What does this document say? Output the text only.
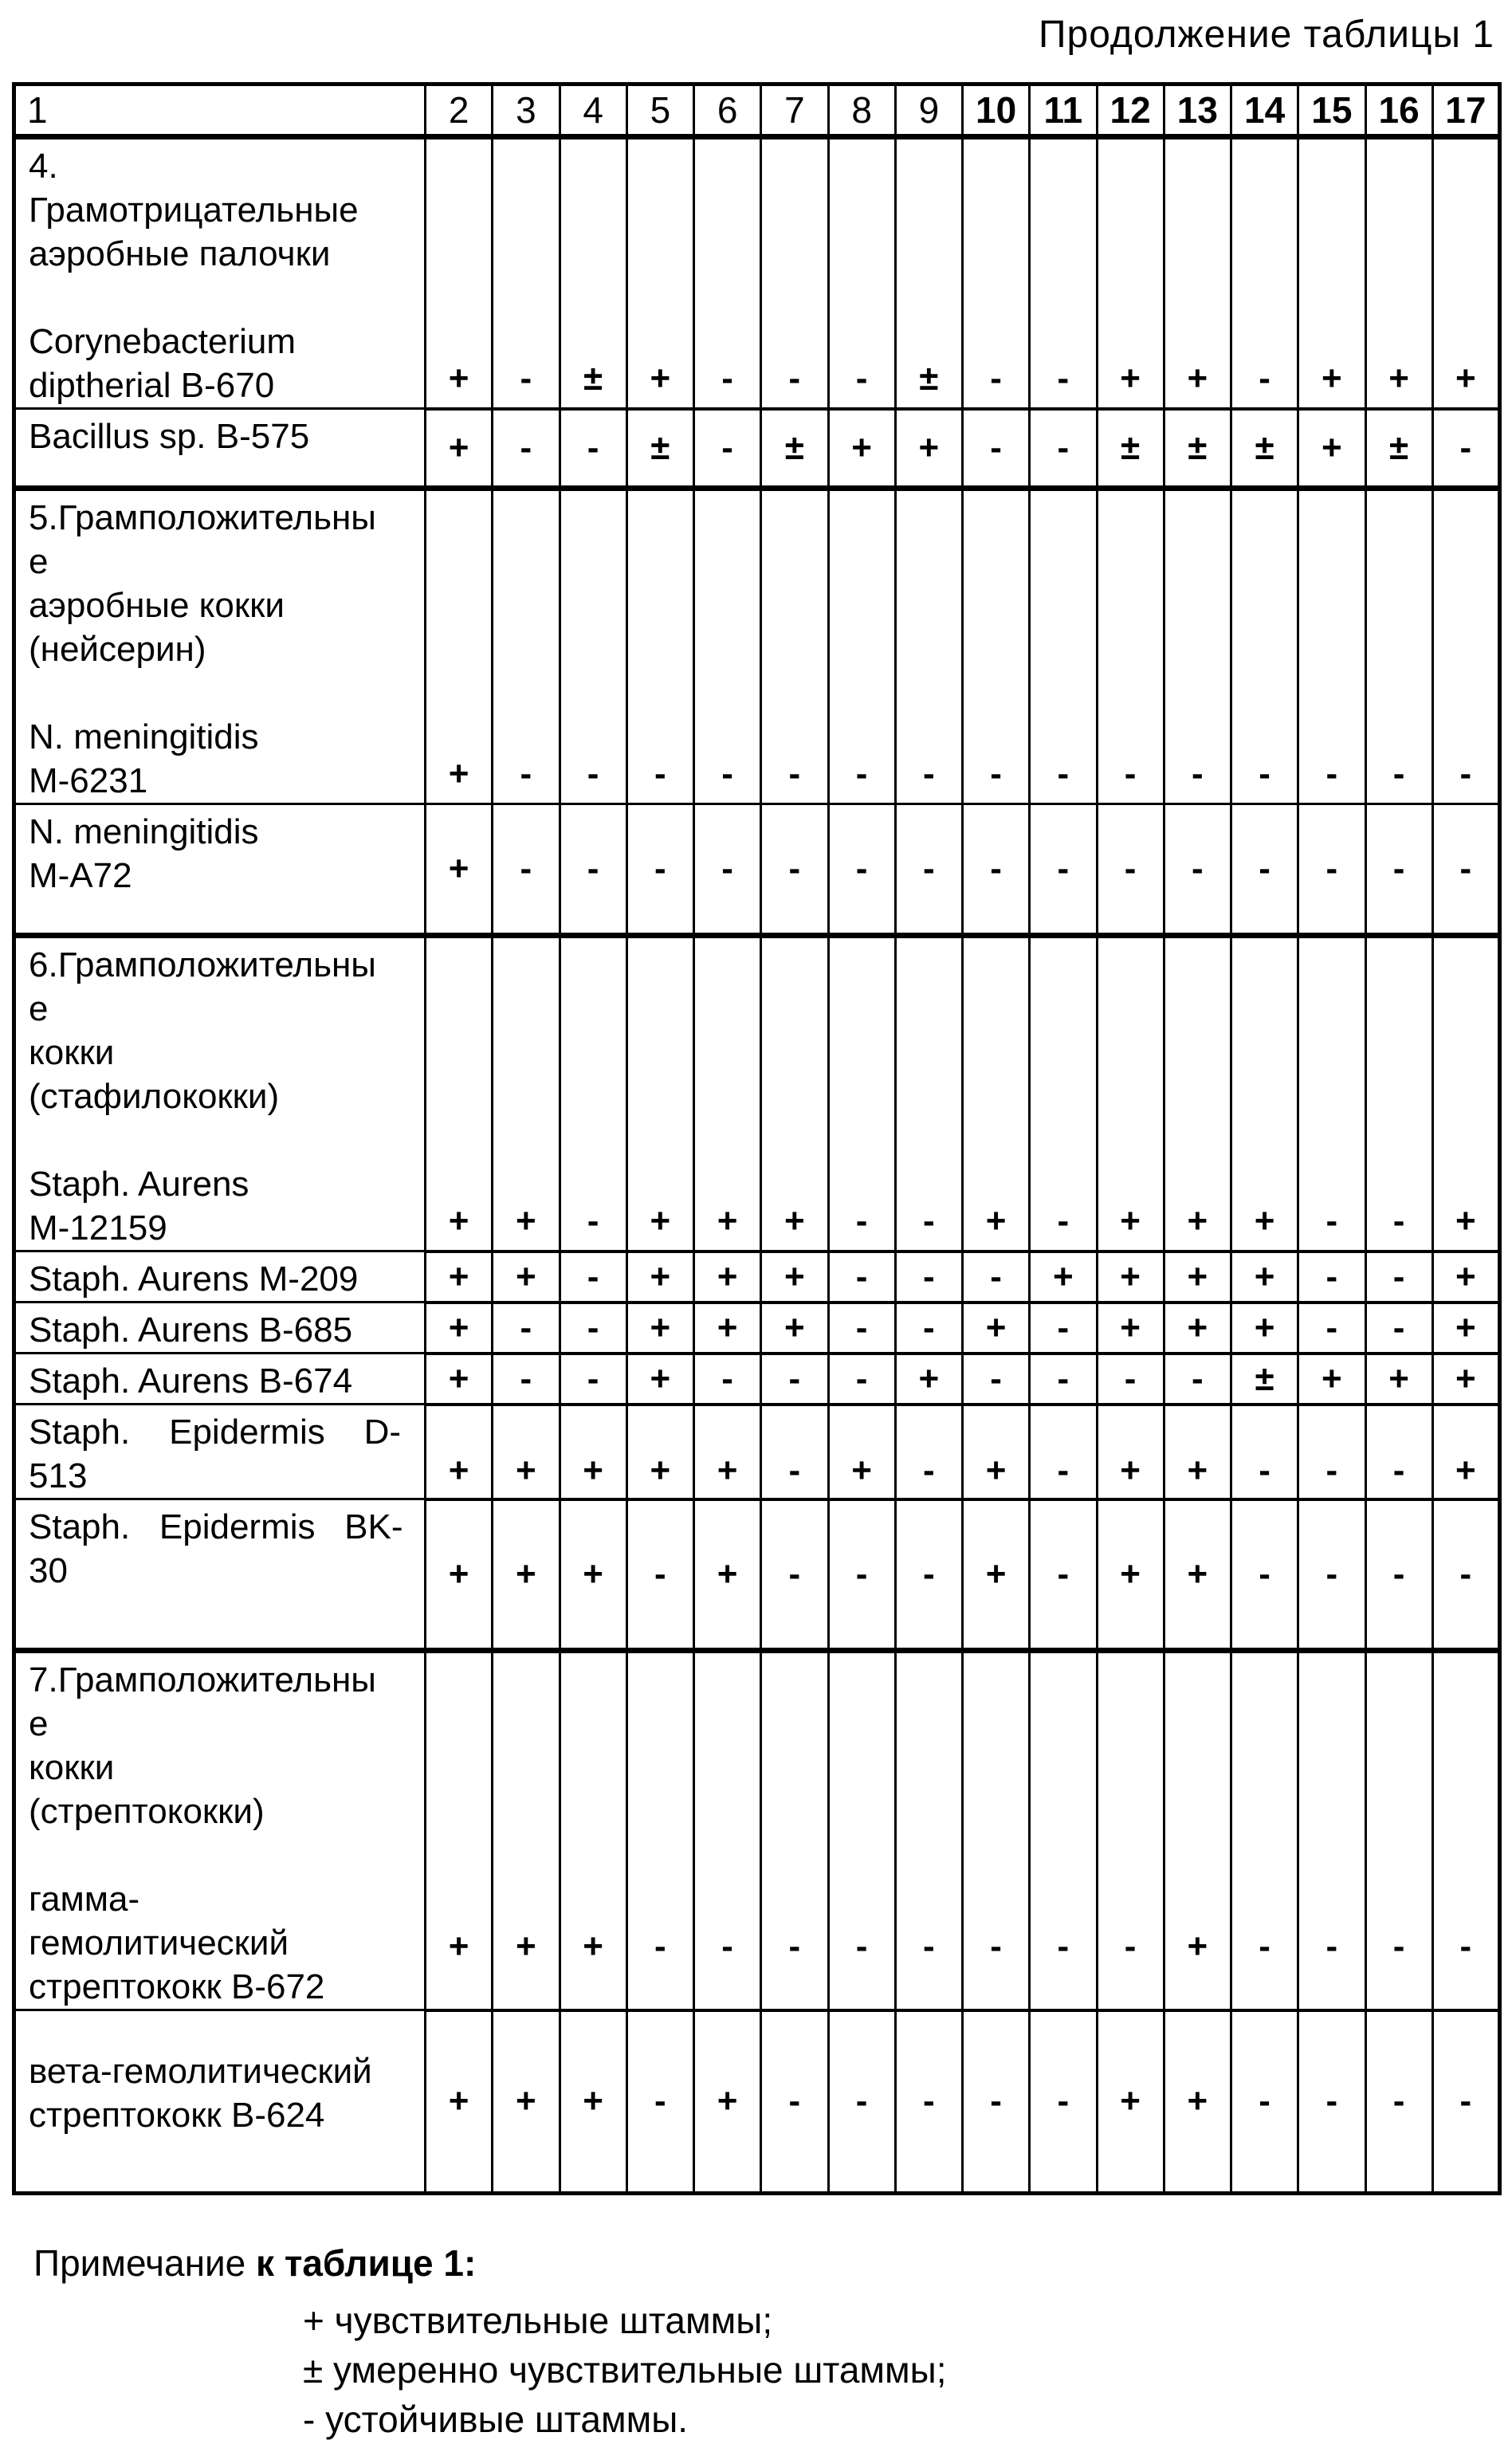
Продолжение таблицы 1
1	2	3	4	5	6	7	8	9	10	11	12	13	14	15	16	17
4.
Грамотрицательные
аэробные палочки

Corynebacterium
diptherial B-670	+	-	±	+	-	-	-	±	-	-	+	+	-	+	+	+
Bacillus sp. B-575	+	-	-	±	-	±	+	+	-	-	±	±	±	+	±	-
5.Грамположительны
е
аэробные кокки
(нейсерин)

N. meningitidis
М-6231	+	-	-	-	-	-	-	-	-	-	-	-	-	-	-	-
N. meningitidis
М-А72	+	-	-	-	-	-	-	-	-	-	-	-	-	-	-	-
6.Грамположительны
е
кокки
(стафилококки)

Staph. Aurens
М-12159	+	+	-	+	+	+	-	-	+	-	+	+	+	-	-	+
Staph. Aurens М-209	+	+	-	+	+	+	-	-	-	+	+	+	+	-	-	+
Staph. Aurens B-685	+	-	-	+	+	+	-	-	+	-	+	+	+	-	-	+
Staph. Aurens B-674	+	-	-	+	-	-	-	+	-	-	-	-	±	+	+	+
Staph.    Epidermis    D-
513	+	+	+	+	+	-	+	-	+	-	+	+	-	-	-	+
Staph.   Epidermis   BK-
30	+	+	+	-	+	-	-	-	+	-	+	+	-	-	-	-
7.Грамположительны
е
кокки
(стрептококки)

гамма-
гемолитический
стрептококк B-672	+	+	+	-	-	-	-	-	-	-	-	+	-	-	-	-
вета-гемолитический
стрептококк B-624	+	+	+	-	+	-	-	-	-	-	+	+	-	-	-	-
Примечание к таблице 1:
+ чувствительные штаммы;
± умеренно чувствительные штаммы;
- устойчивые штаммы.
